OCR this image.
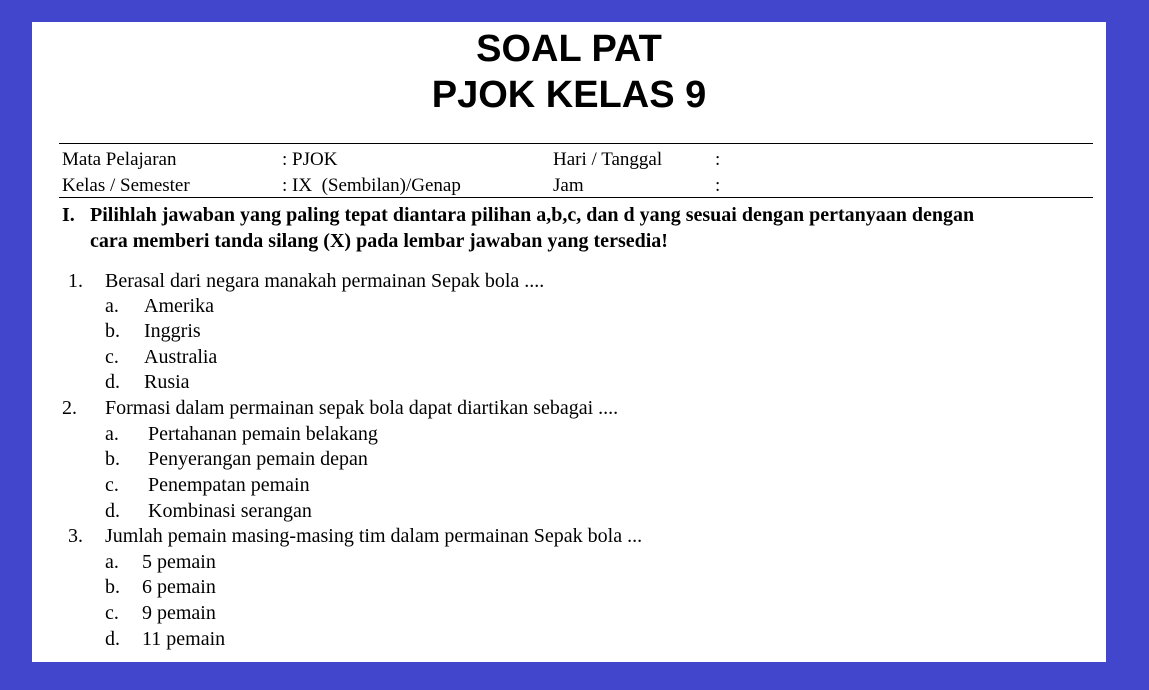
SOAL PAT
PJOK KELAS 9
Mata Pelajaran	: PJOK	Hari / Tanggal	:
Kelas / Semester	: IX  (Sembilan)/Genap	Jam	:
I. Pilihlah jawaban yang paling tepat diantara pilihan a,b,c, dan d yang sesuai dengan pertanyaan dengan
cara memberi tanda silang (X) pada lembar jawaban yang tersedia!
1. Berasal dari negara manakah permainan Sepak bola ....
a. Amerika
b. Inggris
c. Australia
d. Rusia
2. Formasi dalam permainan sepak bola dapat diartikan sebagai ....
a. Pertahanan pemain belakang
b. Penyerangan pemain depan
c. Penempatan pemain
d. Kombinasi serangan
3. Jumlah pemain masing-masing tim dalam permainan Sepak bola ...
a. 5 pemain
b. 6 pemain
c. 9 pemain
d. 11 pemain
